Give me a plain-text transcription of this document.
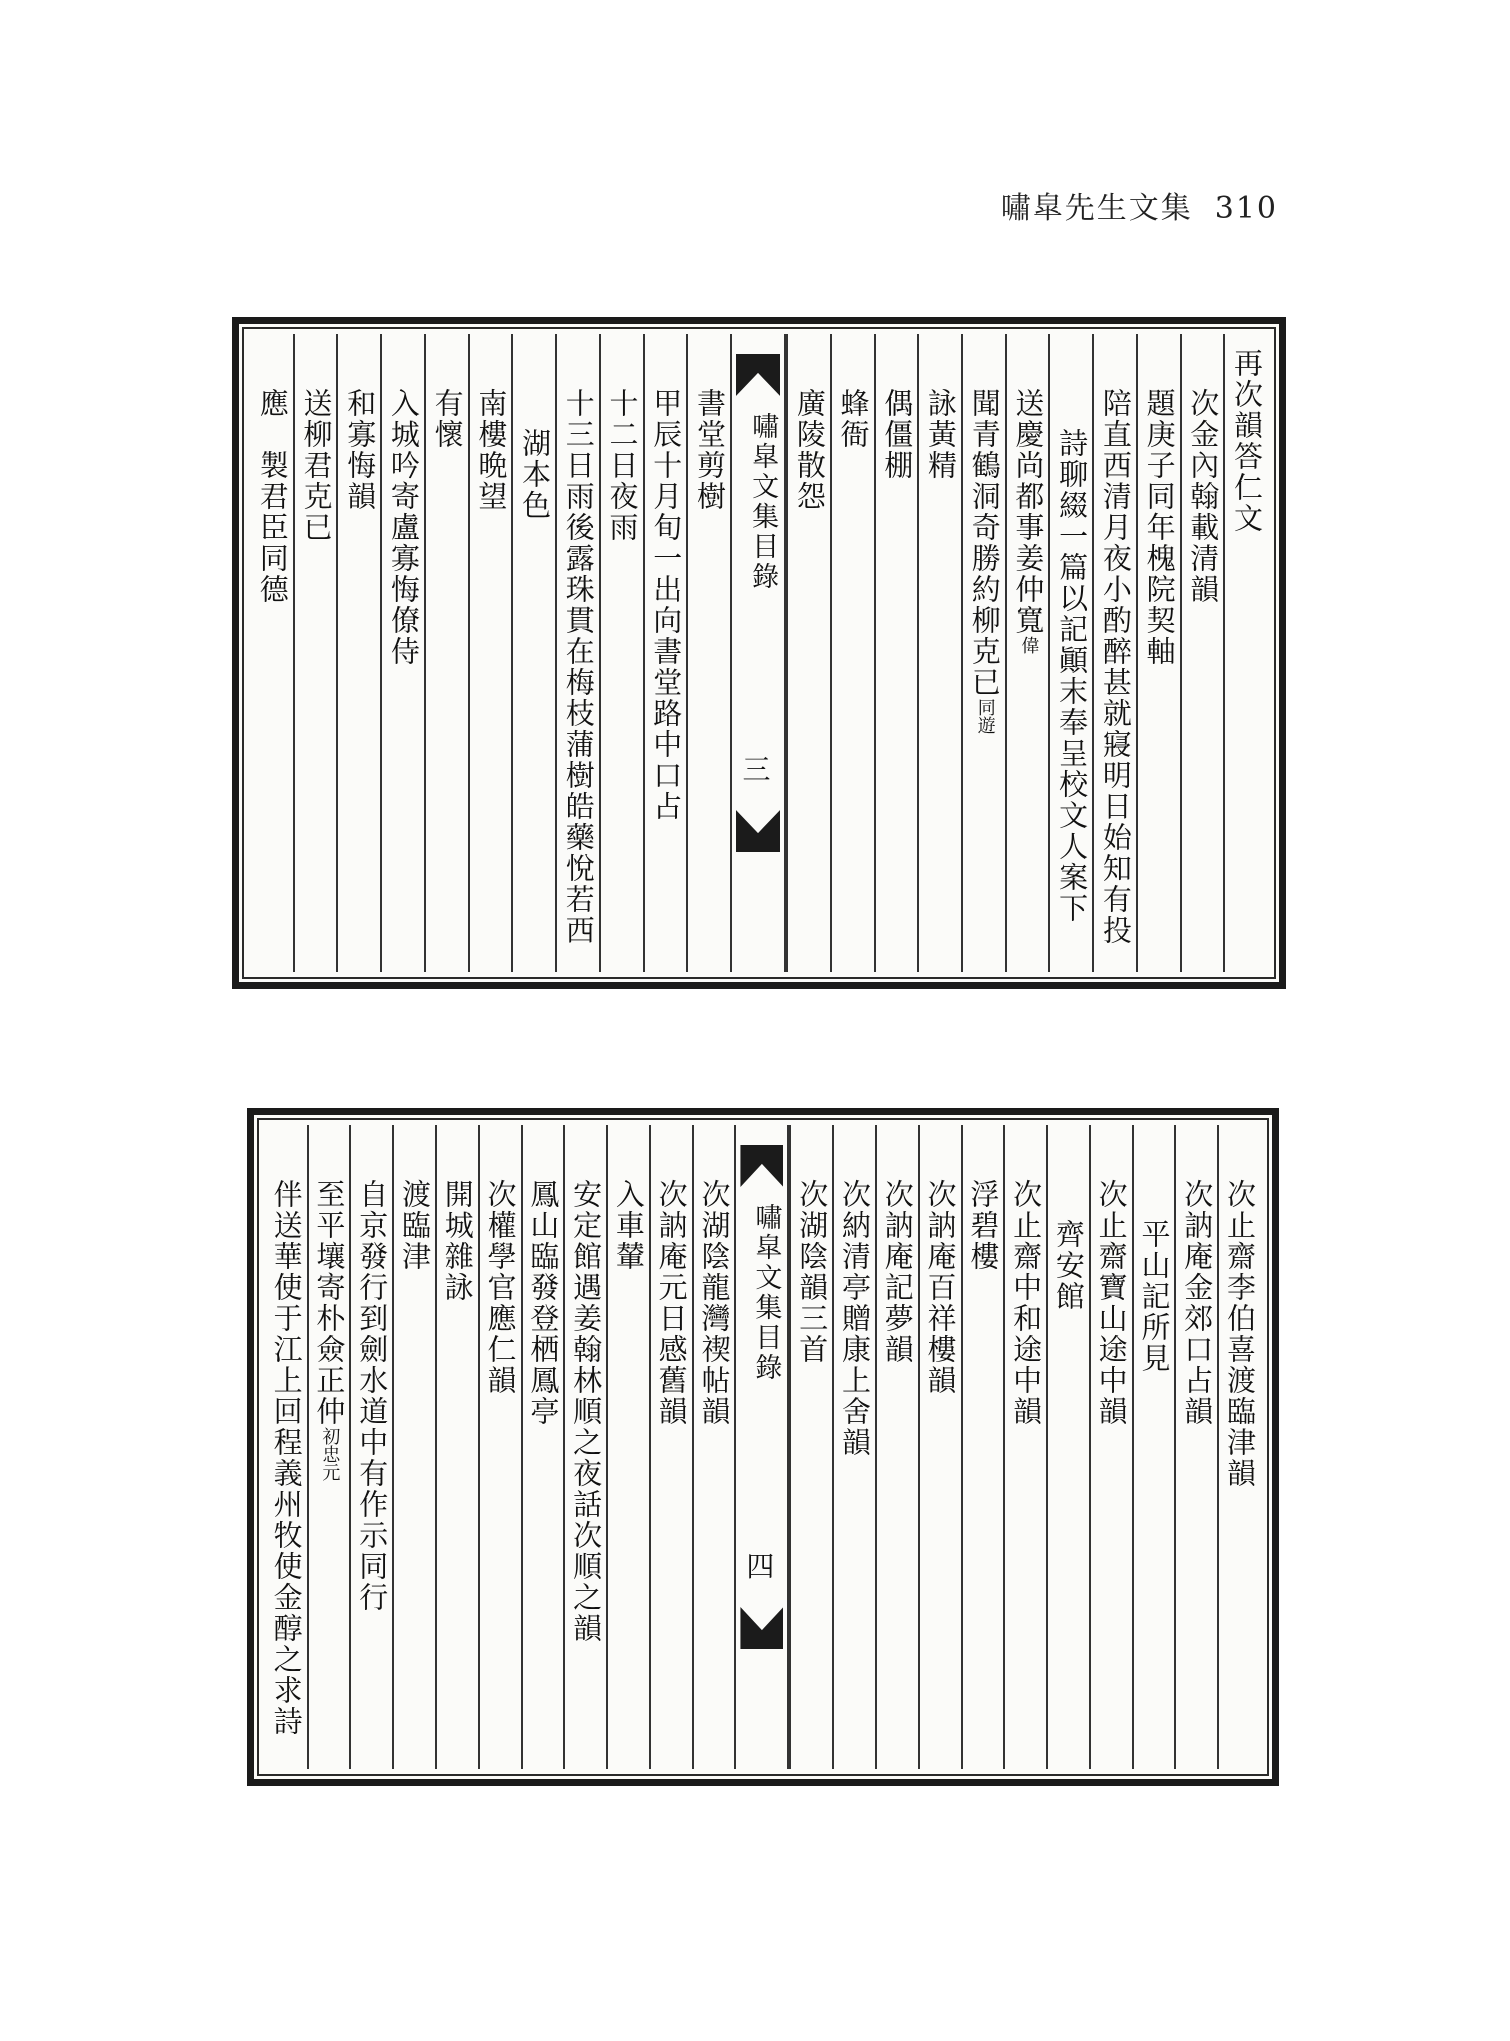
嘯皐先生文集 310
再次韻答仁文
次金內翰載清韻
題庚子同年槐院契軸
陪直西清月夜小酌醉甚就寢明日始知有投
詩聊綴一篇以記顚末奉呈校文人案下
送慶尚都事姜仲寬偉
聞青鶴洞奇勝約柳克已同遊
詠黃精
偶僵棚
蜂衙
廣陵散怨
嘯皐文集目錄
三
書堂剪樹
甲辰十月旬一出向書堂路中口占
十二日夜雨
十三日雨後露珠貫在梅枝蒲樹皓藥悅若西
湖本色
南樓晩望
有懷
入城吟寄盧寡悔僚侍
和寡悔韻
送柳君克已
應　製君臣同德
次止齋李伯喜渡臨津韻
次訥庵金郊口占韻
平山記所見
次止齋寶山途中韻
齊安館
次止齋中和途中韻
浮碧樓
次訥庵百祥樓韻
次訥庵記夢韻
次納清亭贈康上舍韻
次湖陰韻三首
嘯皐文集目錄
四
次湖陰龍灣禊帖韻
次訥庵元日感舊韻
入車輦
安定館遇姜翰林順之夜話次順之韻
鳳山臨發登栖鳳亭
次權學官應仁韻
開城雜詠
渡臨津
自京發行到劍水道中有作示同行
至平壤寄朴僉正仲初忠元
伴送華使于江上回程義州牧使金醇之求詩
